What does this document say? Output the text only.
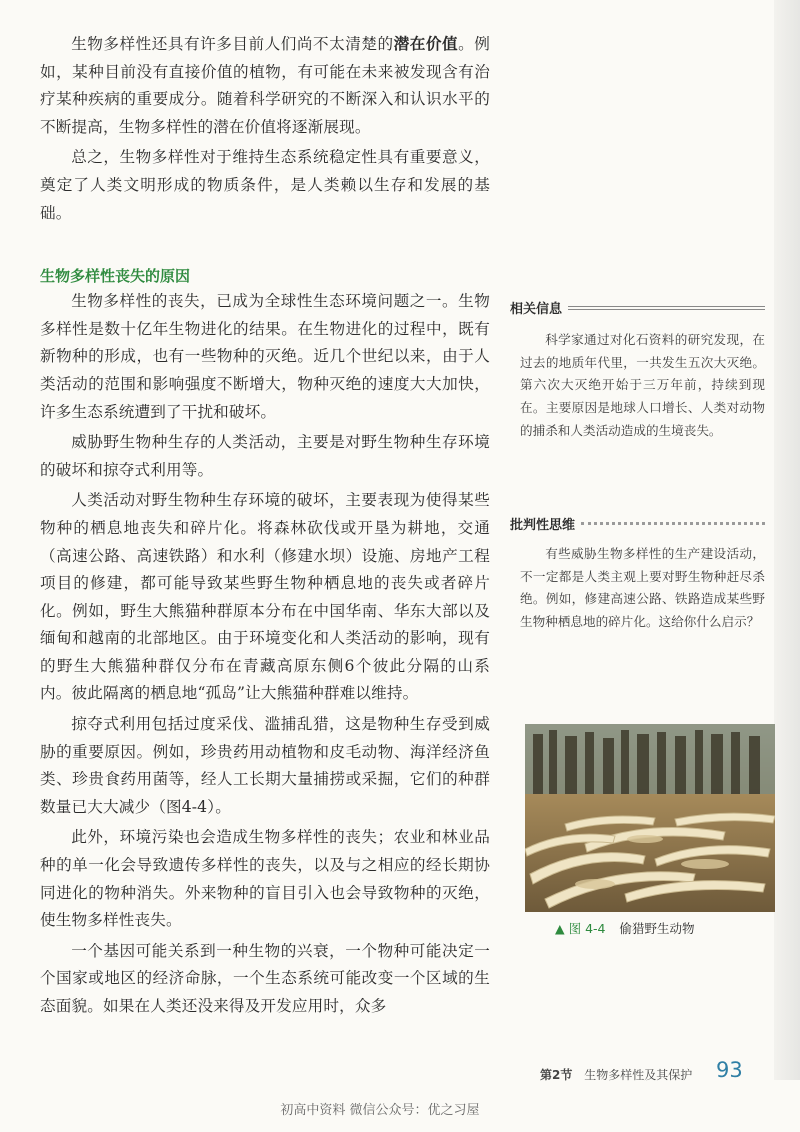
生物多样性还具有许多目前人们尚不太清楚的潜在价值。例如，某种目前没有直接价值的植物，有可能在未来被发现含有治疗某种疾病的重要成分。随着科学研究的不断深入和认识水平的不断提高，生物多样性的潜在价值将逐渐展现。

总之，生物多样性对于维持生态系统稳定性具有重要意义，奠定了人类文明形成的物质条件，是人类赖以生存和发展的基础。

生物多样性丧失的原因

生物多样性的丧失，已成为全球性生态环境问题之一。生物多样性是数十亿年生物进化的结果。在生物进化的过程中，既有新物种的形成，也有一些物种的灭绝。近几个世纪以来，由于人类活动的范围和影响强度不断增大，物种灭绝的速度大大加快，许多生态系统遭到了干扰和破坏。

威胁野生物种生存的人类活动，主要是对野生物种生存环境的破坏和掠夺式利用等。

人类活动对野生物种生存环境的破坏，主要表现为使得某些物种的栖息地丧失和碎片化。将森林砍伐或开垦为耕地，交通（高速公路、高速铁路）和水利（修建水坝）设施、房地产工程项目的修建，都可能导致某些野生物种栖息地的丧失或者碎片化。例如，野生大熊猫种群原本分布在中国华南、华东大部以及缅甸和越南的北部地区。由于环境变化和人类活动的影响，现有的野生大熊猫种群仅分布在青藏高原东侧6个彼此分隔的山系内。彼此隔离的栖息地“孤岛”让大熊猫种群难以维持。

掠夺式利用包括过度采伐、滥捕乱猎，这是物种生存受到威胁的重要原因。例如，珍贵药用动植物和皮毛动物、海洋经济鱼类、珍贵食药用菌等，经人工长期大量捕捞或采掘，它们的种群数量已大大减少（图4-4）。

此外，环境污染也会造成生物多样性的丧失；农业和林业品种的单一化会导致遗传多样性的丧失，以及与之相应的经长期协同进化的物种消失。外来物种的盲目引入也会导致物种的灭绝，使生物多样性丧失。

一个基因可能关系到一种生物的兴衰，一个物种可能决定一个国家或地区的经济命脉，一个生态系统可能改变一个区域的生态面貌。如果在人类还没来得及开发应用时，众多

相关信息

科学家通过对化石资料的研究发现，在过去的地质年代里，一共发生五次大灭绝。第六次大灭绝开始于三万年前，持续到现在。主要原因是地球人口增长、人类对动物的捕杀和人类活动造成的生境丧失。

批判性思维

有些威胁生物多样性的生产建设活动，不一定都是人类主观上要对野生物种赶尽杀绝。例如，修建高速公路、铁路造成某些野生物种栖息地的碎片化。这给你什么启示？

▲ 图 4-4 偷猎野生动物
第2节 生物多样性及其保护 93
初高中资料 微信公众号：优之习屋
